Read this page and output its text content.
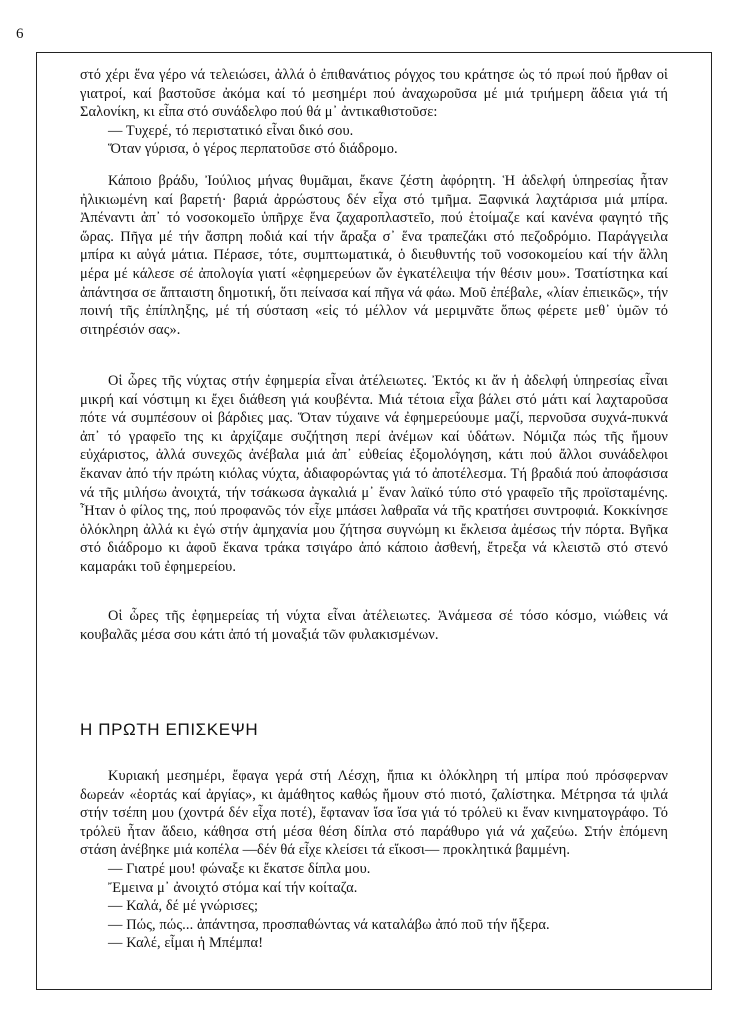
6

στό χέρι ἕνα γέρο νά τελειώσει, ἀλλά ὁ ἐπιθανάτιος ρόγχος του κράτησε ὡς τό πρωί πού ἤρθαν οἱ γιατροί, καί βαστοῦσε ἀκόμα καί τό μεσημέρι πού ἀναχωροῦσα μέ μιά τριήμερη ἄδεια γιά τή Σαλονίκη, κι εἶπα στό συνάδελφο πού θά μ᾿ ἀντικαθιστοῦσε:

— Τυχερέ, τό περιστατικό εἶναι δικό σου.

Ὅταν γύρισα, ὁ γέρος περπατοῦσε στό διάδρομο.

Κάποιο βράδυ, Ἰούλιος μήνας θυμᾶμαι, ἔκανε ζέστη ἀφόρητη. Ἡ ἀδελφή ὑπηρεσίας ἦταν ἠλικιωμένη καί βαρετή· βαριά ἀρρώστους δέν εἶχα στό τμῆμα. Ξαφνικά λαχτάρισα μιά μπίρα. Ἀπέναντι ἀπ᾿ τό νοσοκομεῖο ὑπῆρχε ἕνα ζαχαροπλαστεῖο, πού ἑτοίμαζε καί κανένα φαγητό τῆς ὥρας. Πῆγα μέ τήν ἄσπρη ποδιά καί τήν ἄραξα σ᾿ ἕνα τραπεζάκι στό πεζοδρόμιο. Παράγγειλα μπίρα κι αὐγά μάτια. Πέρασε, τότε, συμπτωματικά, ὁ διευθυντής τοῦ νοσοκομείου καί τήν ἄλλη μέρα μέ κάλεσε σέ ἀπολογία γιατί «ἐφημερεύων ὤν ἐγκατέλειψα τήν θέσιν μου». Τσατίστηκα καί ἀπάντησα σε ἄπταιστη δημοτική, ὅτι πείνασα καί πῆγα νά φάω. Μοῦ ἐπέβαλε, «λίαν ἐπιεικῶς», τήν ποινή τῆς ἐπίπληξης, μέ τή σύσταση «εἰς τό μέλλον νά μεριμνᾶτε ὅπως φέρετε μεθ᾿ ὑμῶν τό σιτηρέσιόν σας».

Οἱ ὧρες τῆς νύχτας στήν ἐφημερία εἶναι ἀτέλειωτες. Ἐκτός κι ἄν ἡ ἀδελφή ὑπηρεσίας εἶναι μικρή καί νόστιμη κι ἔχει διάθεση γιά κουβέντα. Μιά τέτοια εἶχα βάλει στό μάτι καί λαχταροῦσα πότε νά συμπέσουν οἱ βάρδιες μας. Ὅταν τύχαινε νά ἐφημερεύουμε μαζί, περνοῦσα συχνά-πυκνά ἀπ᾿ τό γραφεῖο της κι ἀρχίζαμε συζήτηση περί ἀνέμων καί ὑδάτων. Νόμιζα πώς τῆς ἤμουν εὐχάριστος, ἀλλά συνεχῶς ἀνέβαλα μιά ἀπ᾿ εὐθείας ἐξομολόγηση, κάτι πού ἄλλοι συνάδελφοι ἔκαναν ἀπό τήν πρώτη κιόλας νύχτα, ἀδιαφορώντας γιά τό ἀποτέλεσμα. Τή βραδιά πού ἀποφάσισα νά τῆς μιλήσω ἀνοιχτά, τήν τσάκωσα ἀγκαλιά μ᾿ ἕναν λαϊκό τύπο στό γραφεῖο τῆς προϊσταμένης. Ἦταν ὁ φίλος της, πού προφανῶς τόν εἶχε μπάσει λαθραῖα νά τῆς κρατήσει συντροφιά. Κοκκίνησε ὁλόκληρη ἀλλά κι ἐγώ στήν ἀμηχανία μου ζήτησα συγνώμη κι ἔκλεισα ἀμέσως τήν πόρτα. Βγῆκα στό διάδρομο κι ἀφοῦ ἔκανα τράκα τσιγάρο ἀπό κάποιο ἀσθενή, ἔτρεξα νά κλειστῶ στό στενό καμαράκι τοῦ ἐφημερείου.

Οἱ ὧρες τῆς ἐφημερείας τή νύχτα εἶναι ἀτέλειωτες. Ἀνάμεσα σέ τόσο κόσμο, νιώθεις νά κουβαλᾶς μέσα σου κάτι ἀπό τή μοναξιά τῶν φυλακισμένων.

Η ΠΡΩΤΗ ΕΠΙΣΚΕΨΗ

Κυριακή μεσημέρι, ἔφαγα γερά στή Λέσχη, ἤπια κι ὁλόκληρη τή μπίρα πού πρόσφερναν δωρεάν «ἑορτάς καί ἀργίας», κι ἀμάθητος καθώς ἤμουν στό πιοτό, ζαλίστηκα. Μέτρησα τά ψιλά στήν τσέπη μου (χοντρά δέν εἶχα ποτέ), ἔφταναν ἴσα ἴσα γιά τό τρόλεϋ κι ἕναν κινηματογράφο. Τό τρόλεϋ ἦταν ἄδειο, κάθησα στή μέσα θέση δίπλα στό παράθυρο γιά νά χαζεύω. Στήν ἑπόμενη στάση ἀνέβηκε μιά κοπέλα —δέν θά εἶχε κλείσει τά εἴκοσι— προκλητικά βαμμένη.

— Γιατρέ μου! φώναξε κι ἔκατσε δίπλα μου.

Ἔμεινα μ᾿ ἀνοιχτό στόμα καί τήν κοίταζα.

— Καλά, δέ μέ γνώρισες;

— Πώς, πώς... ἀπάντησα, προσπαθώντας νά καταλάβω ἀπό ποῦ τήν ἤξερα.

— Καλέ, εἶμαι ἡ Μπέμπα!
